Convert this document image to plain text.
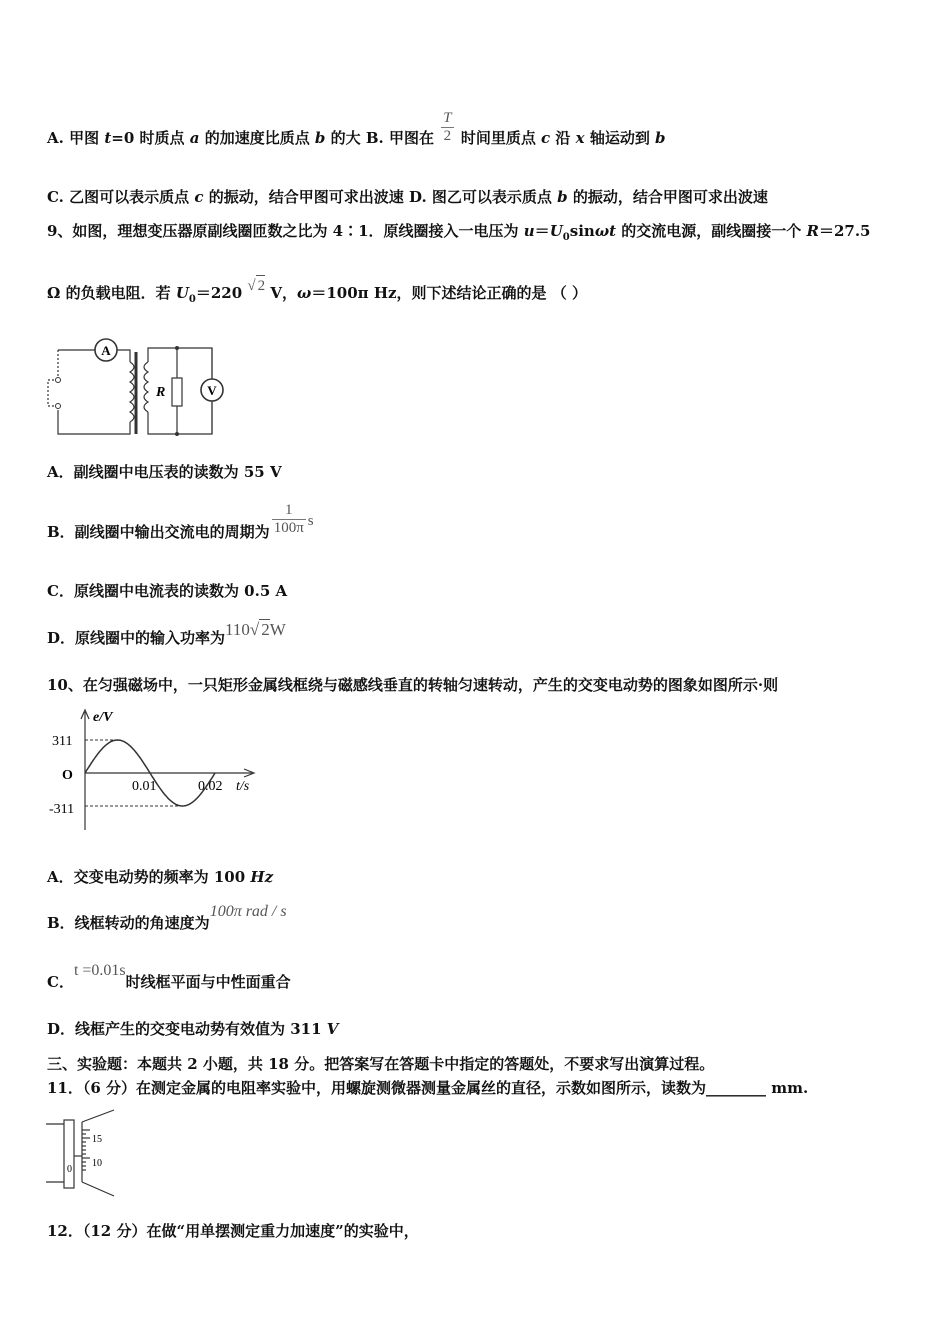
A. 甲图 t=0 时质点 a 的加速度比质点 b 的大 B. 甲图在 $\frac{T}{2}$ 时间里质点 c 沿 x 轴运动到 b
C. 乙图可以表示质点 c 的振动，结合甲图可求出波速 D. 图乙可以表示质点 b 的振动，结合甲图可求出波速
9、如图，理想变压器原副线圈匝数之比为 4∶1．原线圈接入一电压为 $u=U_0\sin\omega t$ 的交流电源，副线圈接一个 R＝27.5
Ω 的负载电阻．若 $U_0=220$ √ 2 V，ω＝100π Hz，则下述结论正确的是 （ ）
A
R	V
A．副线圈中电压表的读数为 55 V
B．副线圈中输出交流电的周期为 $\frac{1}{100\pi}$ s
C．原线圈中电流表的读数为 0.5 A
D．原线圈中的输入功率为110√ 2W
10、在匀强磁场中，一只矩形金属线框绕与磁感线垂直的转轴匀速转动，产生的交变电动势的图象如图所示·则
e/V
311
O
-311
0.01	0.02 t/s
A．交变电动势的频率为 100 Hz
B．线框转动的角速度为100π rad / s
C．t =0.01s时线框平面与中性面重合
D．线框产生的交变电动势有效值为 311 V
三、实验题：本题共 2 小题，共 18 分。把答案写在答题卡中指定的答题处，不要求写出演算过程。
11．（6 分）在测定金属的电阻率实验中，用螺旋测微器测量金属丝的直径，示数如图所示，读数为________ mm.
15
10
0
12．（12 分）在做“用单摆测定重力加速度”的实验中，
